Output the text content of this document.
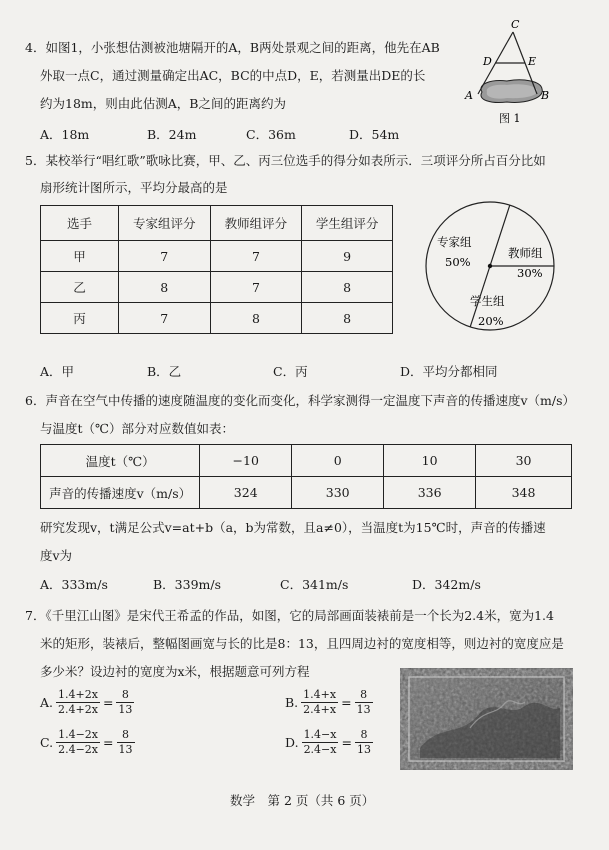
4．如图1，小张想估测被池塘隔开的A，B两处景观之间的距离，他先在AB
外取一点C，通过测量确定出AC，BC的中点D，E，若测量出DE的长
约为18m，则由此估测A，B之间的距离约为
A．18m	B．24m	C．36m	D．54m
C
D	E
A	B
图 1
5．某校举行“唱红歌”歌咏比赛，甲、乙、丙三位选手的得分如表所示．三项评分所占百分比如
扇形统计图所示，平均分最高的是
选手	专家组评分	教师组评分	学生组评分
甲	7	7	9
乙	8	7	8
丙	7	8	8
专家组
50%
教师组
30%
学生组
20%
A．甲	B．乙	C．丙	D．平均分都相同
6．声音在空气中传播的速度随温度的变化而变化，科学家测得一定温度下声音的传播速度v（m/s）
与温度t（℃）部分对应数值如表：
温度t（℃）	−10	0	10	30
声音的传播速度v（m/s）	324	330	336	348
研究发现v，t满足公式v=at+b（a，b为常数，且a≠0），当温度t为15℃时，声音的传播速
度v为
A．333m/s	B．339m/s	C．341m/s	D．342m/s
7．《千里江山图》是宋代王希孟的作品，如图，它的局部画面装裱前是一个长为2.4米，宽为1.4
米的矩形，装裱后，整幅图画宽与长的比是8：13，且四周边衬的宽度相等，则边衬的宽度应是
多少米？设边衬的宽度为x米，根据题意可列方程
A. $\frac{1.4+2x}{2.4+2x} = \frac{8}{13}$	B. $\frac{1.4+x}{2.4+x} = \frac{8}{13}$
C. $\frac{1.4-2x}{2.4-2x} = \frac{8}{13}$	D. $\frac{1.4-x}{2.4-x} = \frac{8}{13}$
数学　第 2 页（共 6 页）
